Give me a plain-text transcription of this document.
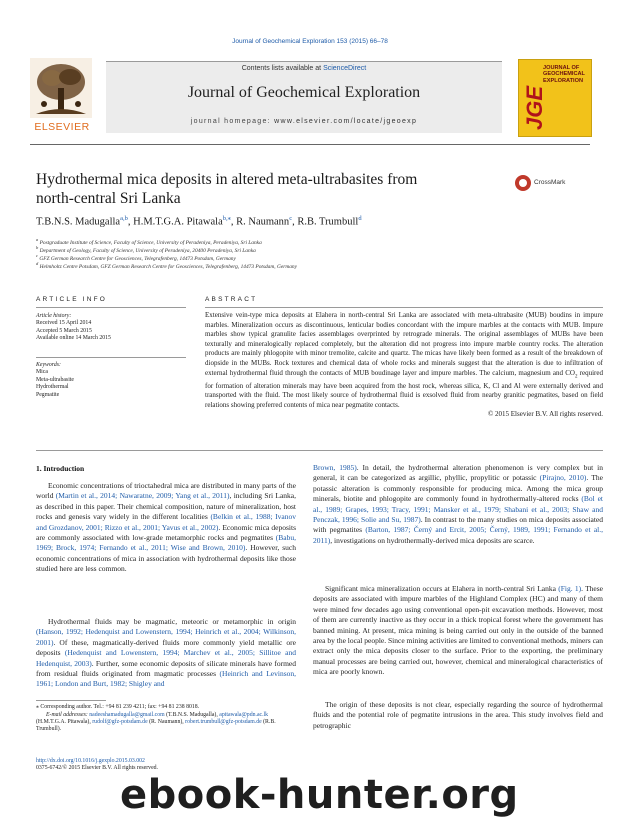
Journal of Geochemical Exploration 153 (2015) 66–78
Contents lists available at ScienceDirect
Journal of Geochemical Exploration
journal homepage: www.elsevier.com/locate/jgeoexp
ELSEVIER
JOURNAL OF GEOCHEMICAL EXPLORATION
JGE
Hydrothermal mica deposits in altered meta-ultrabasites from
north-central Sri Lanka
CrossMark
T.B.N.S. Madugalla$^{a,b}$, H.M.T.G.A. Pitawala$^{b,⁎}$, R. Naumann$^c$, R.B. Trumbull$^d$
$^a$ Postgraduate Institute of Science, Faculty of Science, University of Peradeniya, Peradeniya, Sri Lanka
$^b$ Department of Geology, Faculty of Science, University of Peradeniya, 20400 Peradeniya, Sri Lanka
$^c$ GFZ German Research Centre for Geosciences, Telegrafenberg, 14473 Potsdam, Germany
$^d$ Helmholtz Centre Potsdam, GFZ German Research Centre for Geosciences, Telegrafenberg, 14473 Potsdam, Germany
ARTICLE INFO
Article history:
Received 15 April 2014
Accepted 5 March 2015
Available online 14 March 2015
Keywords:
Mica
Meta-ultrabasite
Hydrothermal
Pegmatite
ABSTRACT
Extensive vein-type mica deposits at Elahera in north-central Sri Lanka are associated with meta-ultrabasite (MUB) boudins in impure marbles. Mineralization occurs as discontinuous, lenticular bodies concordant with the impure marbles at the contacts with MUB. Impure marbles show typical granulite facies assemblages overprinted by retrograde minerals. The original assemblages of MUBs have been texturally and mineralogically replaced completely, but the alteration did not progress into impure marble country rocks. The alteration products are mainly phlogopite with minor tremolite, calcite and quartz. The micas have likely been formed as a result of the breakdown of diopside in the MUBs. Rock textures and chemical data of whole rocks and minerals suggest that the alteration is due to infiltration of external hydrothermal fluid through the contacts of MUB boudinage layer and impure marbles. The calcium, magnesium and $CO_2$ required for formation of alteration minerals may have been acquired from the host rock, whereas silica, K, Cl and Al were externally derived and transported with the fluid. The most likely source of hydrothermal fluid is exsolved fluid from nearby granitic pegmatites, based on field relations showing preferred contents of mica near pegmatite contacts.
© 2015 Elsevier B.V. All rights reserved.
1. Introduction
Economic concentrations of trioctahedral mica are distributed in many parts of the world (Martin et al., 2014; Nawaratne, 2009; Yang et al., 2011), including Sri Lanka, as described in this paper. Their chemical composition, nature of mineralization, host rocks and genesis vary widely in the different localities (Belkin et al., 1988; Ivanov and Grozdanov, 2001; Rizzo et al., 2001; Yavus et al., 2002). Economic mica deposits are commonly associated with low-grade metamorphic rocks and pegmatites (Babu, 1969; Brock, 1974; Fernando et al., 2011; Wise and Brown, 2010). However, such economic concentrations of mica in association with hydrothermal deposits like those studied here are less common.
Hydrothermal fluids may be magmatic, meteoric or metamorphic in origin (Hanson, 1992; Hedenquist and Lowenstern, 1994; Heinrich et al., 2004; Wilkinson, 2001). Of these, magmatically-derived fluids more commonly yield metallic ore deposits (Hedenquist and Lowenstern, 1994; Marchev et al., 2005; Sillitoe and Hedenquist, 2003). Further, some economic deposits of silicate minerals have formed from residual fluids originated from magmatic processes (Heinrich and Levinson, 1961; London and Burt, 1982; Shigley and
Brown, 1985). In detail, the hydrothermal alteration phenomenon is very complex but in general, it can be categorized as argillic, phyllic, propylitic or potassic (Pirajno, 2010). The potassic alteration is commonly responsible for producing mica. Among the mica group minerals, biotite and phlogopite are commonly found in hydrothermally-altered rocks (Bol et al., 1989; Grapes, 1993; Tracy, 1991; Mansker et al., 1979; Shabani et al., 2003; Shaw and Penczak, 1996; Solie and Su, 1987). In contrast to the many studies on mica deposits associated with pegmatites (Barton, 1987; Černý and Ercit, 2005; Černý, 1989, 1991; Fernando et al., 2011), investigations on hydrothermally-derived mica deposits are scarce.
Significant mica mineralization occurs at Elahera in north-central Sri Lanka (Fig. 1). These deposits are associated with impure marbles of the Highland Complex (HC) and many of them were mined few decades ago using conventional open-pit excavation methods. However, most of them are currently inactive as they occur in a thick tropical forest where the government has banned mining. At present, mica mining is being carried out only in the outside of the banned area by the local people. Since mining activities are limited to conventional methods, miners can extract only the mica deposits closer to the surface. Prior to the exporting, the preliminary manual processes are being carried out, however, chemical and mineralogical characteristics of mica are poorly known.
The origin of these deposits is not clear, especially regarding the source of hydrothermal fluids and the potential role of pegmatite intrusions in the area. This study involves field and petrographic
⁎ Corresponding author. Tel.: +94 81 239 4211; fax: +94 81 238 8018.
E-mail addresses: nadeeshamadugalla@gmail.com (T.B.N.S. Madugalla), apitawala@pdn.ac.lk (H.M.T.G.A. Pitawala), rudolf@gfz-potsdam.de (R. Naumann), robert.trumbull@gfz-potsdam.de (R.B. Trumbull).
http://dx.doi.org/10.1016/j.gexplo.2015.03.002
0375-6742/© 2015 Elsevier B.V. All rights reserved.
ebook-hunter.org
